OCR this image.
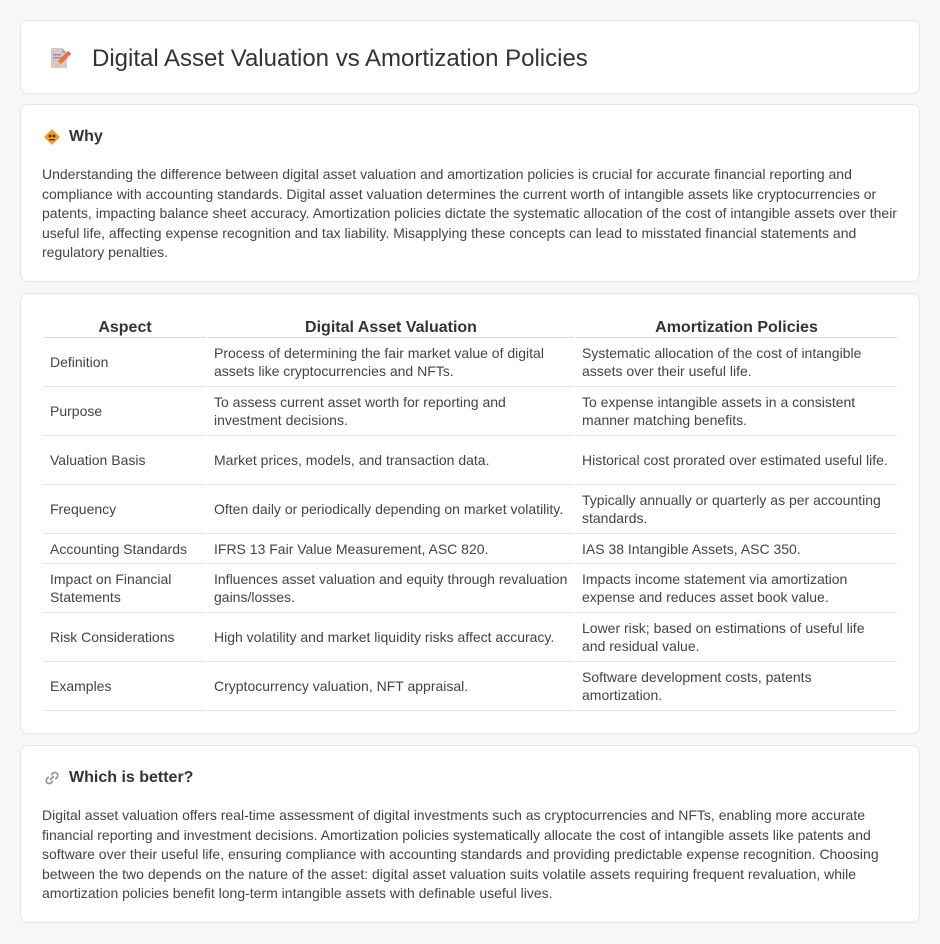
Digital Asset Valuation vs Amortization Policies
Why

Understanding the difference between digital asset valuation and amortization policies is crucial for accurate financial reporting and compliance with accounting standards. Digital asset valuation determines the current worth of intangible assets like cryptocurrencies or patents, impacting balance sheet accuracy. Amortization policies dictate the systematic allocation of the cost of intangible assets over their useful life, affecting expense recognition and tax liability. Misapplying these concepts can lead to misstated financial statements and regulatory penalties.

Aspect	Digital Asset Valuation	Amortization Policies
Definition	Process of determining the fair market value of digital assets like cryptocurrencies and NFTs.	Systematic allocation of the cost of intangible assets over their useful life.
Purpose	To assess current asset worth for reporting and investment decisions.	To expense intangible assets in a consistent manner matching benefits.
Valuation Basis	Market prices, models, and transaction data.	Historical cost prorated over estimated useful life.
Frequency	Often daily or periodically depending on market volatility.	Typically annually or quarterly as per accounting standards.
Accounting Standards	IFRS 13 Fair Value Measurement, ASC 820.	IAS 38 Intangible Assets, ASC 350.
Impact on Financial Statements	Influences asset valuation and equity through revaluation gains/losses.	Impacts income statement via amortization expense and reduces asset book value.
Risk Considerations	High volatility and market liquidity risks affect accuracy.	Lower risk; based on estimations of useful life and residual value.
Examples	Cryptocurrency valuation, NFT appraisal.	Software development costs, patents amortization.
Which is better?

Digital asset valuation offers real-time assessment of digital investments such as cryptocurrencies and NFTs, enabling more accurate financial reporting and investment decisions. Amortization policies systematically allocate the cost of intangible assets like patents and software over their useful life, ensuring compliance with accounting standards and providing predictable expense recognition. Choosing between the two depends on the nature of the asset: digital asset valuation suits volatile assets requiring frequent revaluation, while amortization policies benefit long-term intangible assets with definable useful lives.
